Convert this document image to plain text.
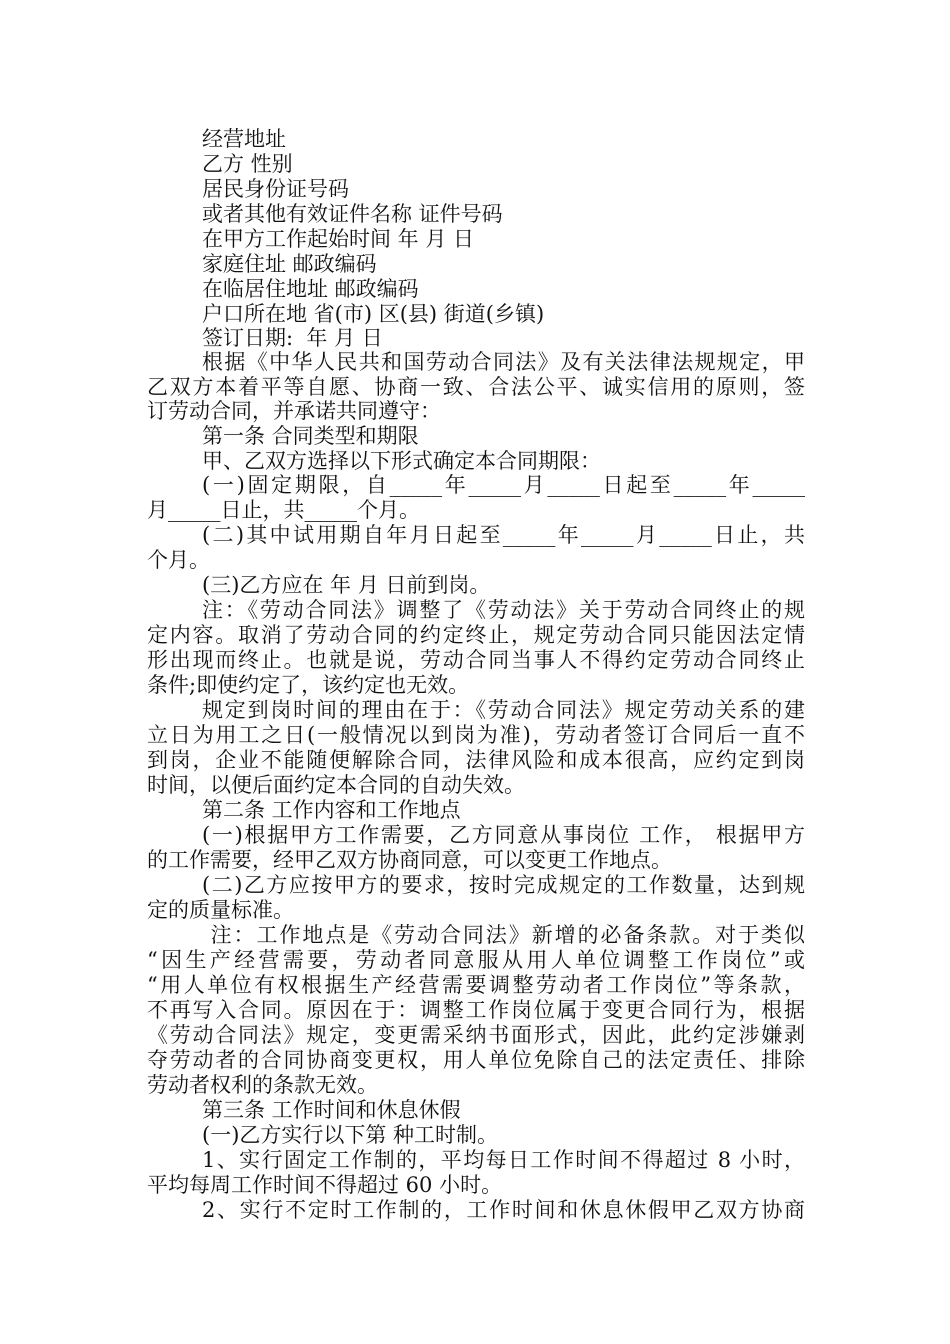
经营地址
乙方 性别
居民身份证号码
或者其他有效证件名称 证件号码
在甲方工作起始时间 年 月 日
家庭住址 邮政编码
在临居住地址 邮政编码
户口所在地 省(市) 区(县) 街道(乡镇)
签订日期:  年 月 日
根据《中华人民共和国劳动合同法》及有关法律法规规定，甲
乙双方本着平等自愿、协商一致、合法公平、诚实信用的原则，签
订劳动合同，并承诺共同遵守：
第一条 合同类型和期限
甲、乙双方选择以下形式确定本合同期限：
(一)固定期限，自_____年_____月_____日起至_____年_____
月_____日止，共_____个月。
(二)其中试用期自年月日起至_____年_____月_____日止，共
个月。
(三)乙方应在 年 月 日前到岗。
注：《劳动合同法》调整了《劳动法》关于劳动合同终止的规
定内容。取消了劳动合同的约定终止，规定劳动合同只能因法定情
形出现而终止。也就是说，劳动合同当事人不得约定劳动合同终止
条件;即使约定了，该约定也无效。
规定到岗时间的理由在于：《劳动合同法》规定劳动关系的建
立日为用工之日(一般情况以到岗为准)，劳动者签订合同后一直不
到岗，企业不能随便解除合同，法律风险和成本很高，应约定到岗
时间，以便后面约定本合同的自动失效。
第二条 工作内容和工作地点
(一)根据甲方工作需要，乙方同意从事岗位 工作， 根据甲方
的工作需要，经甲乙双方协商同意，可以变更工作地点。
(二)乙方应按甲方的要求，按时完成规定的工作数量，达到规
定的质量标准。
注：工作地点是《劳动合同法》新增的必备条款。对于类似
“因生产经营需要，劳动者同意服从用人单位调整工作岗位”或
“用人单位有权根据生产经营需要调整劳动者工作岗位”等条款，
不再写入合同。原因在于：调整工作岗位属于变更合同行为，根据
《劳动合同法》规定，变更需采纳书面形式，因此，此约定涉嫌剥
夺劳动者的合同协商变更权，用人单位免除自己的法定责任、排除
劳动者权利的条款无效。
第三条 工作时间和休息休假
(一)乙方实行以下第 种工时制。
1、实行固定工作制的，平均每日工作时间不得超过 8 小时，
平均每周工作时间不得超过 60 小时。
2、实行不定时工作制的，工作时间和休息休假甲乙双方协商
